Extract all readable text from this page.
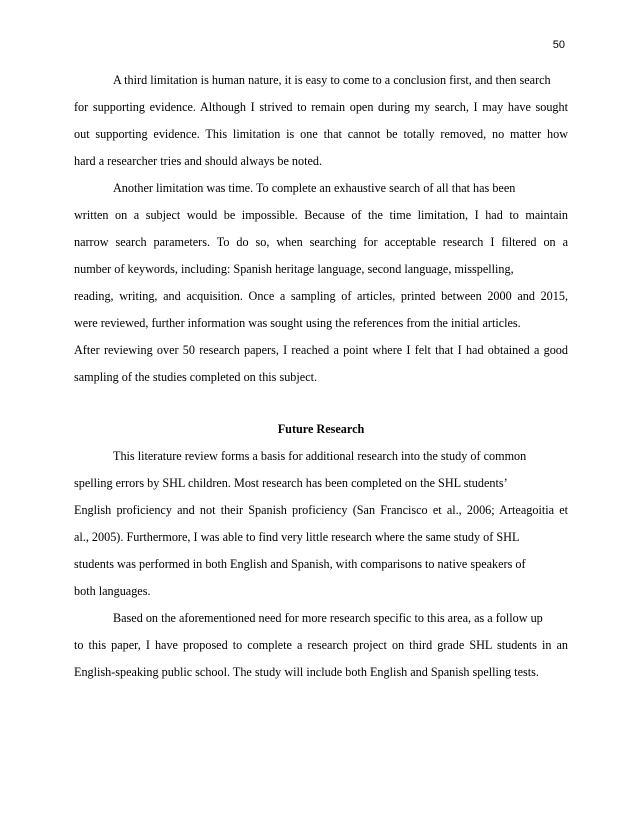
50
A third limitation is human nature, it is easy to come to a conclusion first, and then search
for supporting evidence. Although I strived to remain open during my search, I may have sought
out supporting evidence. This limitation is one that cannot be totally removed, no matter how
hard a researcher tries and should always be noted.
Another limitation was time. To complete an exhaustive search of all that has been
written on a subject would be impossible. Because of the time limitation, I had to maintain
narrow search parameters. To do so, when searching for acceptable research I filtered on a
number of keywords, including: Spanish heritage language, second language, misspelling,
reading, writing, and acquisition. Once a sampling of articles, printed between 2000 and 2015,
were reviewed, further information was sought using the references from the initial articles.
After reviewing over 50 research papers, I reached a point where I felt that I had obtained a good
sampling of the studies completed on this subject.
Future Research
This literature review forms a basis for additional research into the study of common
spelling errors by SHL children. Most research has been completed on the SHL students’
English proficiency and not their Spanish proficiency (San Francisco et al., 2006; Arteagoitia et
al., 2005). Furthermore, I was able to find very little research where the same study of SHL
students was performed in both English and Spanish, with comparisons to native speakers of
both languages.
Based on the aforementioned need for more research specific to this area, as a follow up
to this paper, I have proposed to complete a research project on third grade SHL students in an
English-speaking public school. The study will include both English and Spanish spelling tests.
